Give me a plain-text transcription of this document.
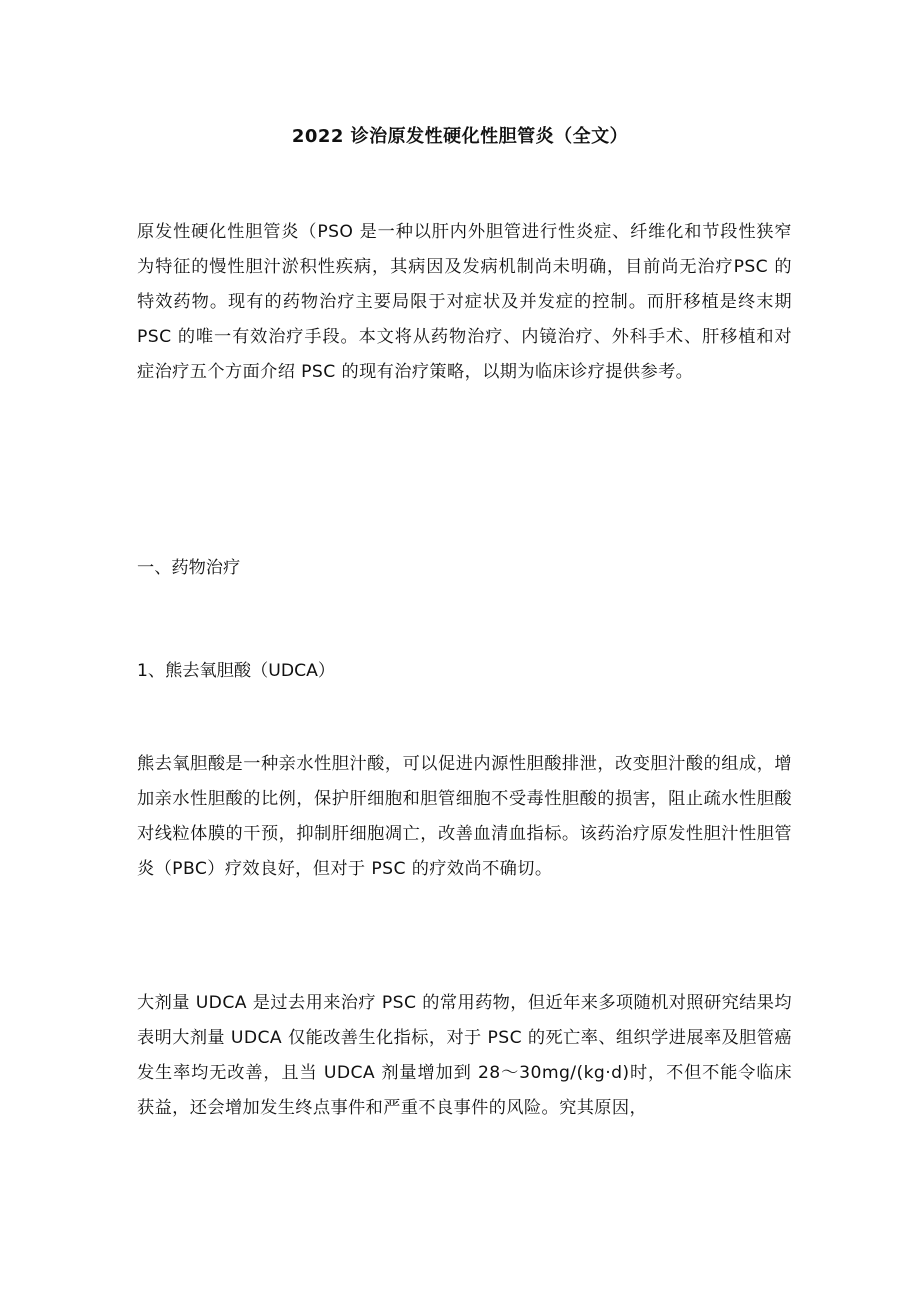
2022 诊治原发性硬化性胆管炎（全文）

原发性硬化性胆管炎（PSO 是一种以肝内外胆管进行性炎症、纤维化和节段性狭窄为特征的慢性胆汁淤积性疾病，其病因及发病机制尚未明确，目前尚无治疗PSC 的特效药物。现有的药物治疗主要局限于对症状及并发症的控制。而肝移植是终末期 PSC 的唯一有效治疗手段。本文将从药物治疗、内镜治疗、外科手术、肝移植和对症治疗五个方面介绍 PSC 的现有治疗策略，以期为临床诊疗提供参考。

一、药物治疗

1、熊去氧胆酸（UDCA）

熊去氧胆酸是一种亲水性胆汁酸，可以促进内源性胆酸排泄，改变胆汁酸的组成，增加亲水性胆酸的比例，保护肝细胞和胆管细胞不受毒性胆酸的损害，阻止疏水性胆酸对线粒体膜的干预，抑制肝细胞凋亡，改善血清血指标。该药治疗原发性胆汁性胆管炎（PBC）疗效良好，但对于 PSC 的疗效尚不确切。

大剂量 UDCA 是过去用来治疗 PSC 的常用药物，但近年来多项随机对照研究结果均表明大剂量 UDCA 仅能改善生化指标，对于 PSC 的死亡率、组织学进展率及胆管癌发生率均无改善，且当 UDCA 剂量增加到 28～30mg/(kg·d)时，不但不能令临床获益，还会增加发生终点事件和严重不良事件的风险。究其原因，
